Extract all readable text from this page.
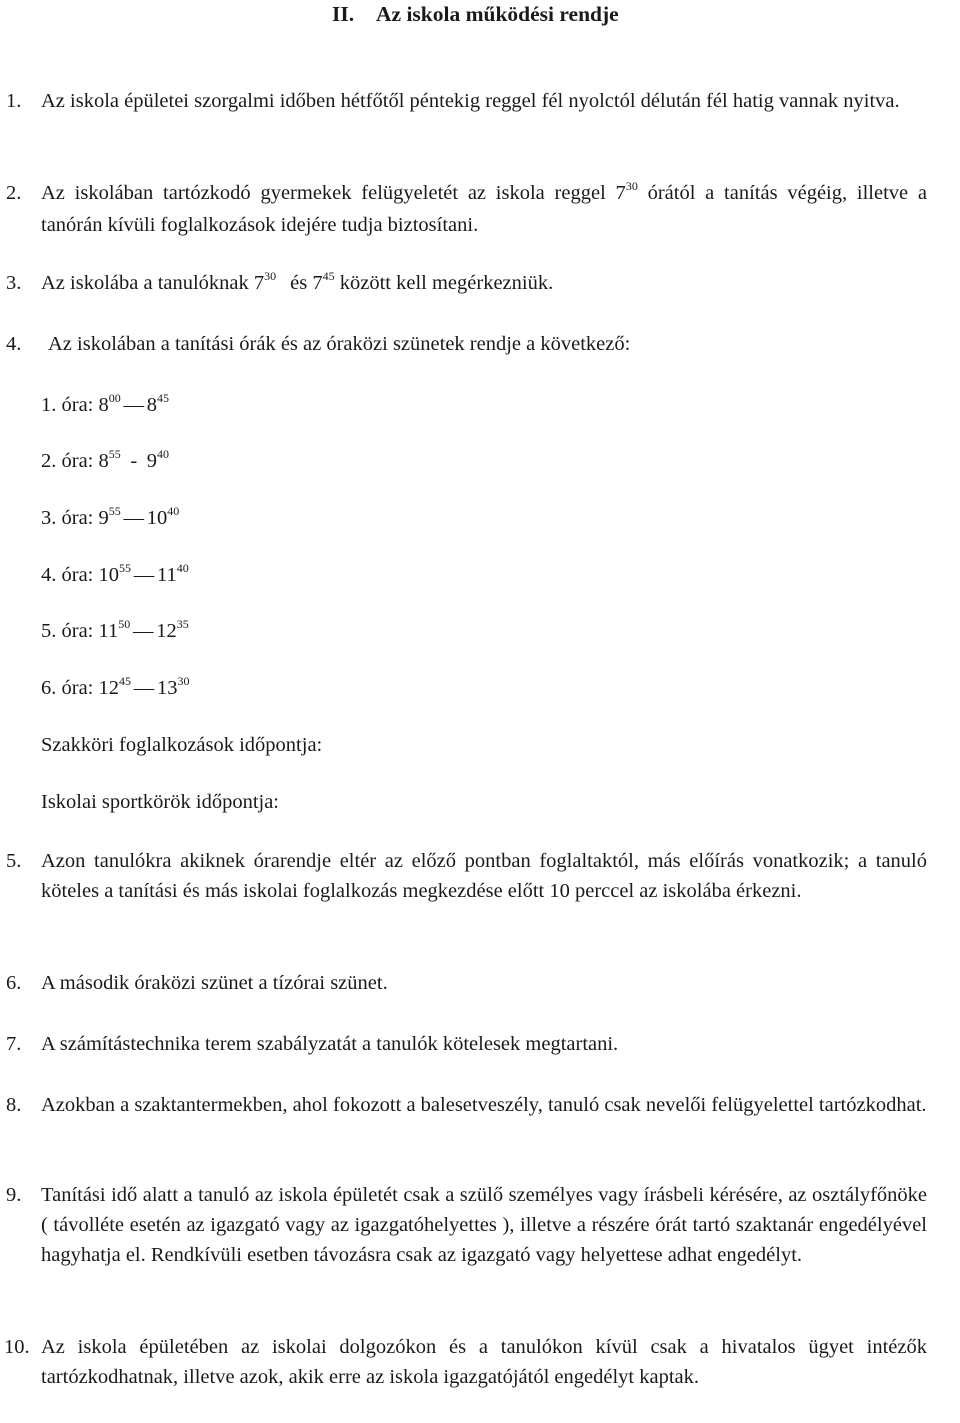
II. Az iskola működési rendje
1. Az iskola épületei szorgalmi időben hétfőtől péntekig reggel fél nyolctól délután fél hatig vannak nyitva.
2. Az iskolában tartózkodó gyermekek felügyeletét az iskola reggel $7^{30}$ órától a tanítás végéig, illetve a tanórán kívüli foglalkozások idejére tudja biztosítani.
3. Az iskolába a tanulóknak $7^{30}$ és $7^{45}$ között kell megérkezniük.
4. Az iskolában a tanítási órák és az óraközi szünetek rendje a következő:
1. óra: $8^{00}$ — $8^{45}$
2. óra: $8^{55} - 9^{40}$
3. óra: $9^{55}$ — $10^{40}$
4. óra: $10^{55}$ — $11^{40}$
5. óra: $11^{50}$ — $12^{35}$
6. óra: $12^{45}$ — $13^{30}$
Szakköri foglalkozások időpontja:
Iskolai sportkörök időpontja:
5. Azon tanulókra akiknek órarendje eltér az előző pontban foglaltaktól, más előírás vonatkozik; a tanuló köteles a tanítási és más iskolai foglalkozás megkezdése előtt 10 perccel az iskolába érkezni.
6. A második óraközi szünet a tízórai szünet.
7. A számítástechnika terem szabályzatát a tanulók kötelesek megtartani.
8. Azokban a szaktantermekben, ahol fokozott a balesetveszély, tanuló csak nevelői felügyelettel tartózkodhat.
9. Tanítási idő alatt a tanuló az iskola épületét csak a szülő személyes vagy írásbeli kérésére, az osztályfőnöke ( távolléte esetén az igazgató vagy az igazgatóhelyettes ), illetve a részére órát tartó szaktanár engedélyével hagyhatja el. Rendkívüli esetben távozásra csak az igazgató vagy helyettese adhat engedélyt.
10. Az iskola épületében az iskolai dolgozókon és a tanulókon kívül csak a hivatalos ügyet intézők tartózkodhatnak, illetve azok, akik erre az iskola igazgatójától engedélyt kaptak.
